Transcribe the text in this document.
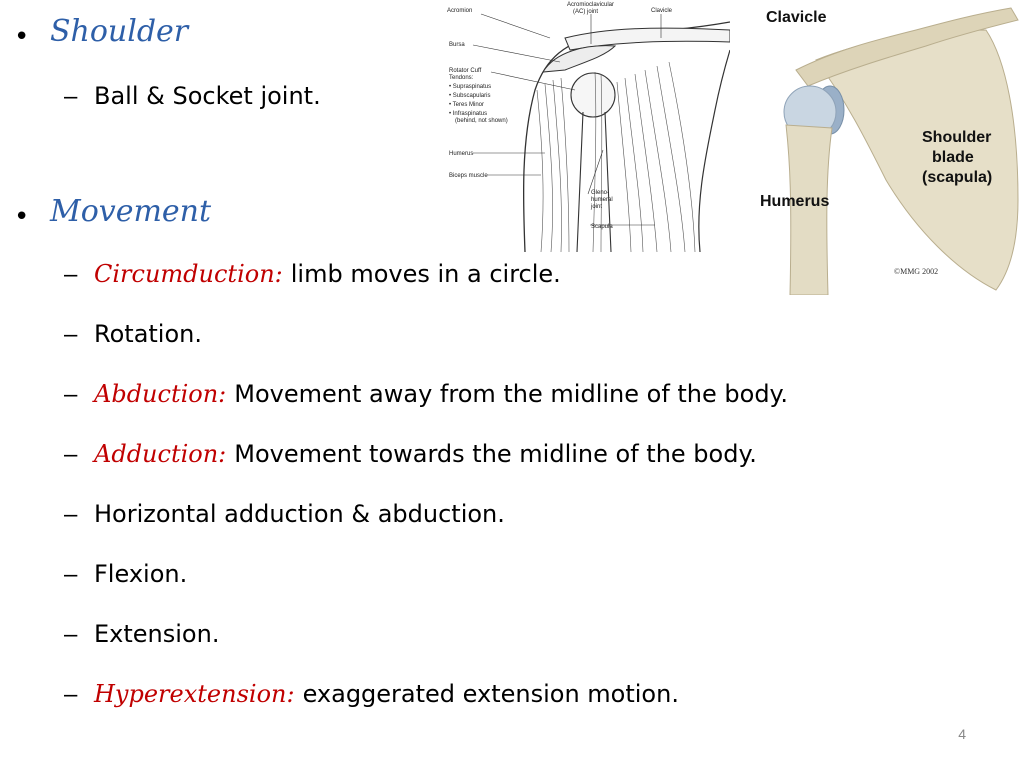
• Shoulder
– Ball & Socket joint.
• Movement
– Circumduction: limb moves in a circle.
– Rotation.
– Abduction: Movement away from the midline of the body.
– Adduction: Movement towards the midline of the body.
– Horizontal adduction & abduction.
– Flexion.
– Extension.
– Hyperextension: exaggerated extension motion.
Acromion
Acromioclavicular
(AC) joint	Clavicle
Bursa
Rotator Cuff
Tendons:
• Supraspinatus
• Subscapularis
• Teres Minor
• Infraspinatus
(behind, not shown)
Humerus
Biceps muscle
Gleno-
humeral
joint
Scapula
Clavicle
Shoulder
blade
(scapula)
Humerus
©MMG 2002
4
